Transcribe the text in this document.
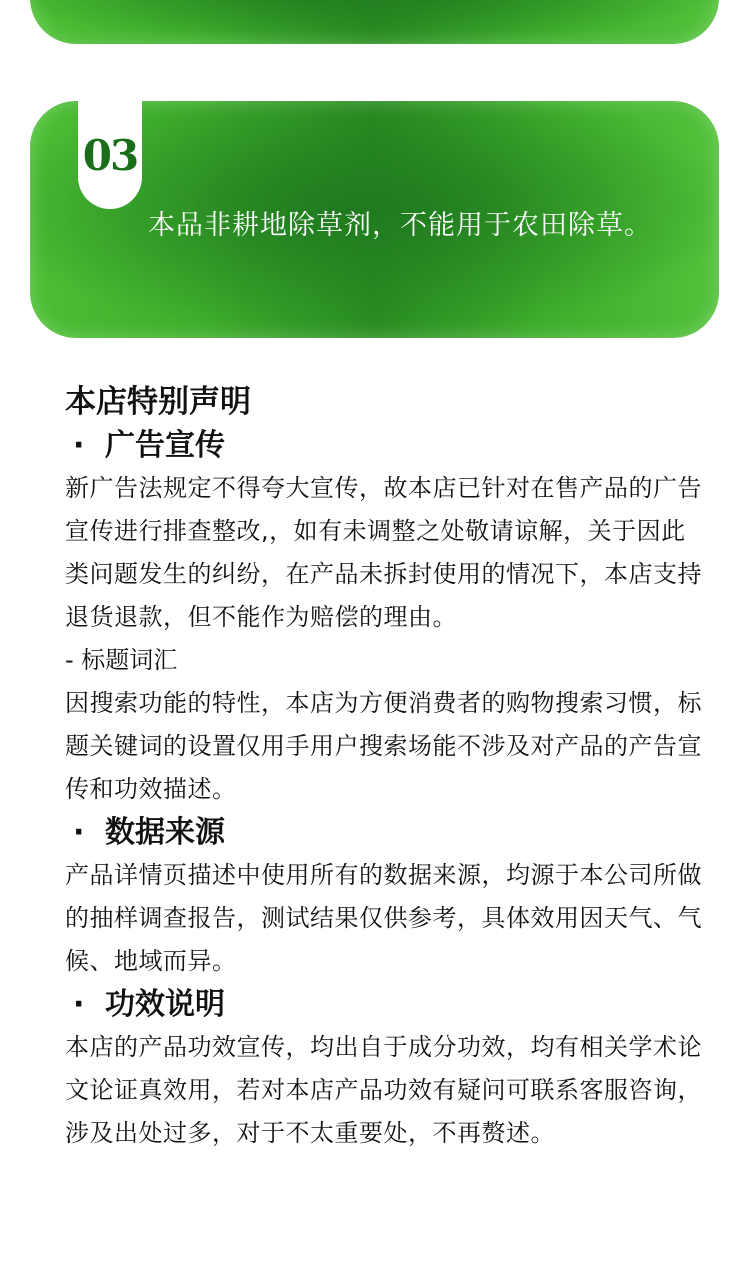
03
本品非耕地除草剂，不能用于农田除草。
本店特别声明
· 广告宣传

新广告法规定不得夸大宣传，故本店已针对在售产品的广告宣传进行排查整改,，如有未调整之处敬请谅解，关于因此类问题发生的纠纷，在产品未拆封使用的情况下，本店支持退货退款，但不能作为赔偿的理由。

- 标题词汇

因搜索功能的特性，本店为方便消费者的购物搜索习惯，标题关键词的设置仅用手用户搜索场能不涉及对产品的产告宣传和功效描述。

· 数据来源

产品详情页描述中使用所有的数据来源，均源于本公司所做的抽样调查报告，测试结果仅供参考，具体效用因天气、气候、地域而异。

· 功效说明

本店的产品功效宣传，均出自于成分功效，均有相关学术论文论证真效用，若对本店产品功效有疑问可联系客服咨询，涉及出处过多，对于不太重要处，不再赘述。
